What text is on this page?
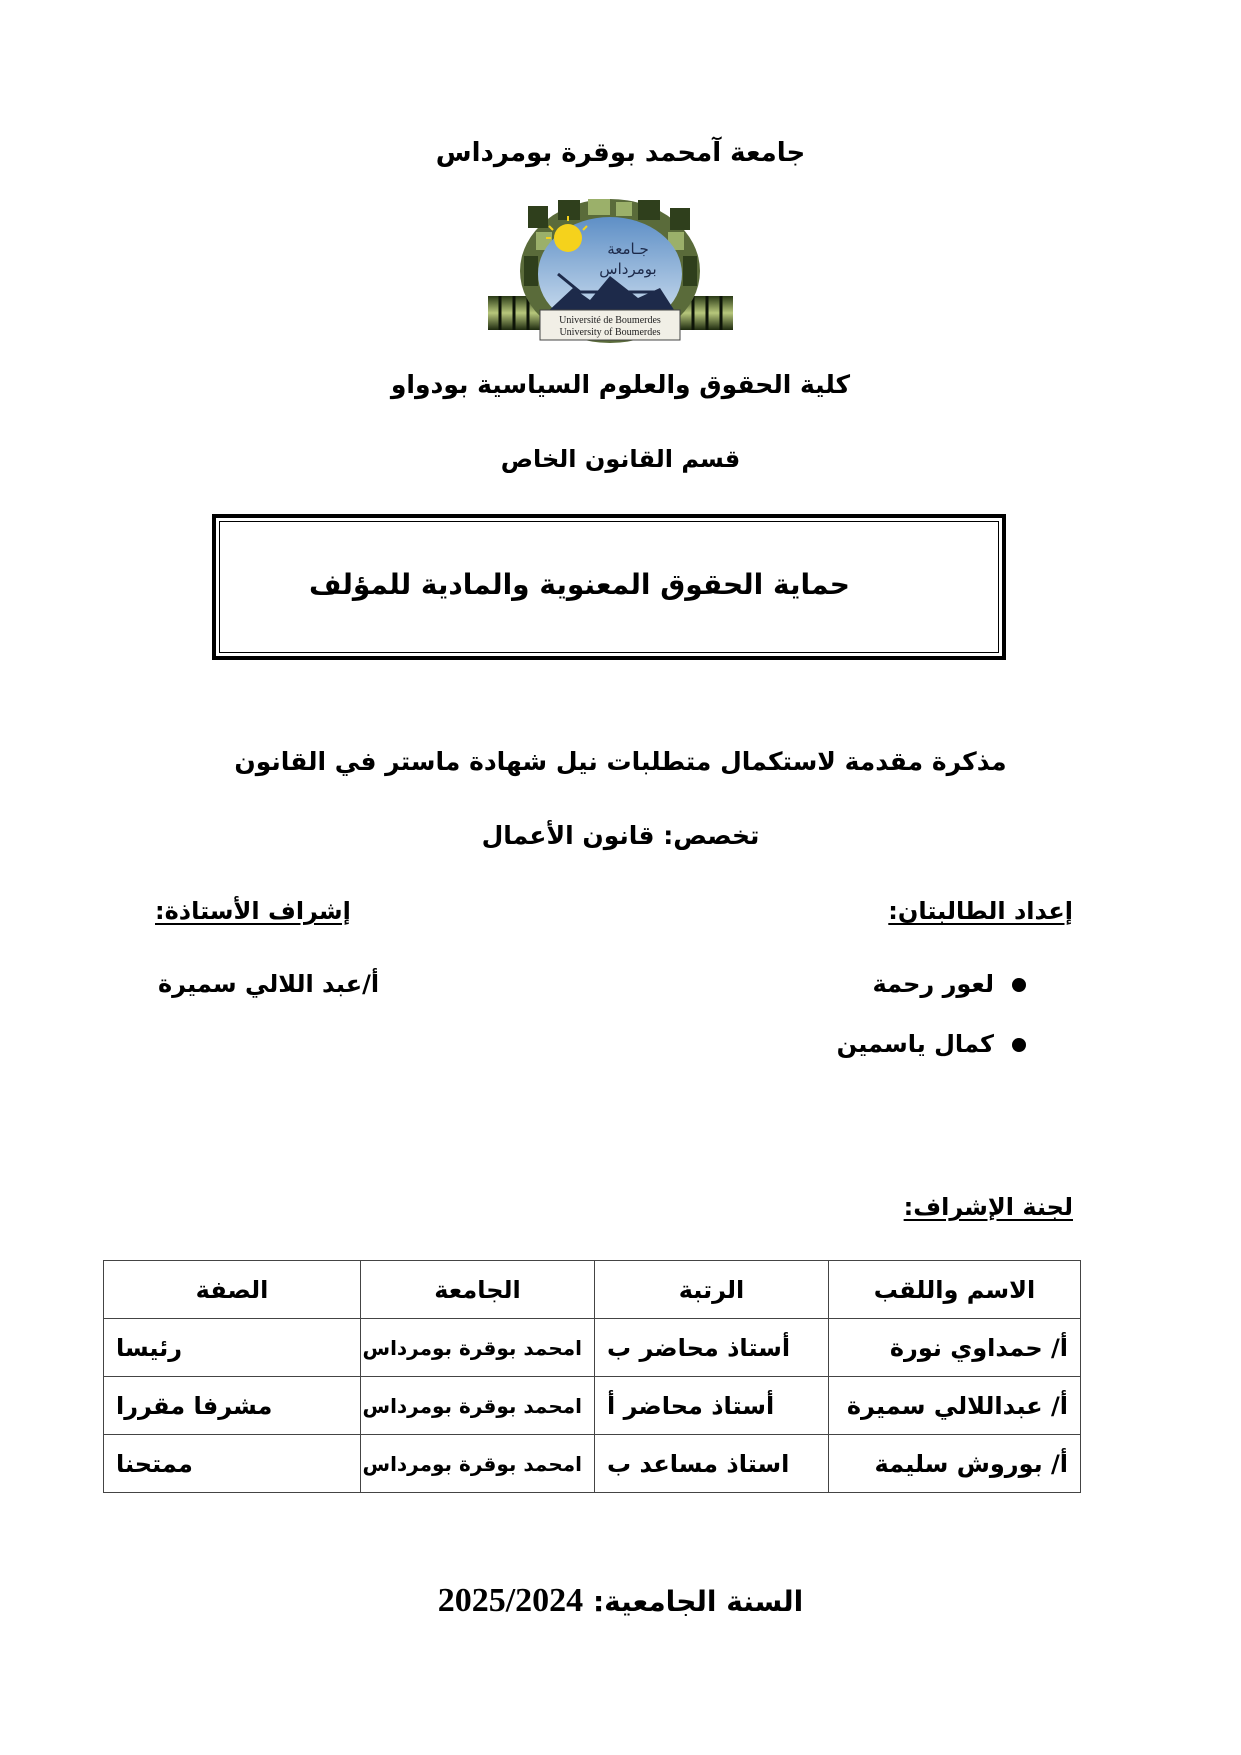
جامعة آمحمد بوقرة بومرداس
جـامعة
بومرداس
Université de Boumerdes
University of Boumerdes
كلية الحقوق والعلوم السياسية بودواو
قسم القانون الخاص
حماية الحقوق المعنوية والمادية للمؤلف
مذكرة مقدمة لاستكمال متطلبات نيل شهادة ماستر في القانون
تخصص: قانون الأعمال
إعداد الطالبتان:
إشراف الأستاذة:
لعور رحمة
كمال ياسمين
أ/عبد اللالي سميرة
لجنة الإشراف:
الاسم واللقب	الرتبة	الجامعة	الصفة
أ/ حمداوي نورة	أستاذ محاضر ب	امحمد بوقرة بومرداس	رئيسا
أ/ عبداللالي سميرة	أستاذ محاضر أ	امحمد بوقرة بومرداس	مشرفا مقررا
أ/ بوروش سليمة	استاذ مساعد ب	امحمد بوقرة بومرداس	ممتحنا
السنة الجامعية: 2025/2024
